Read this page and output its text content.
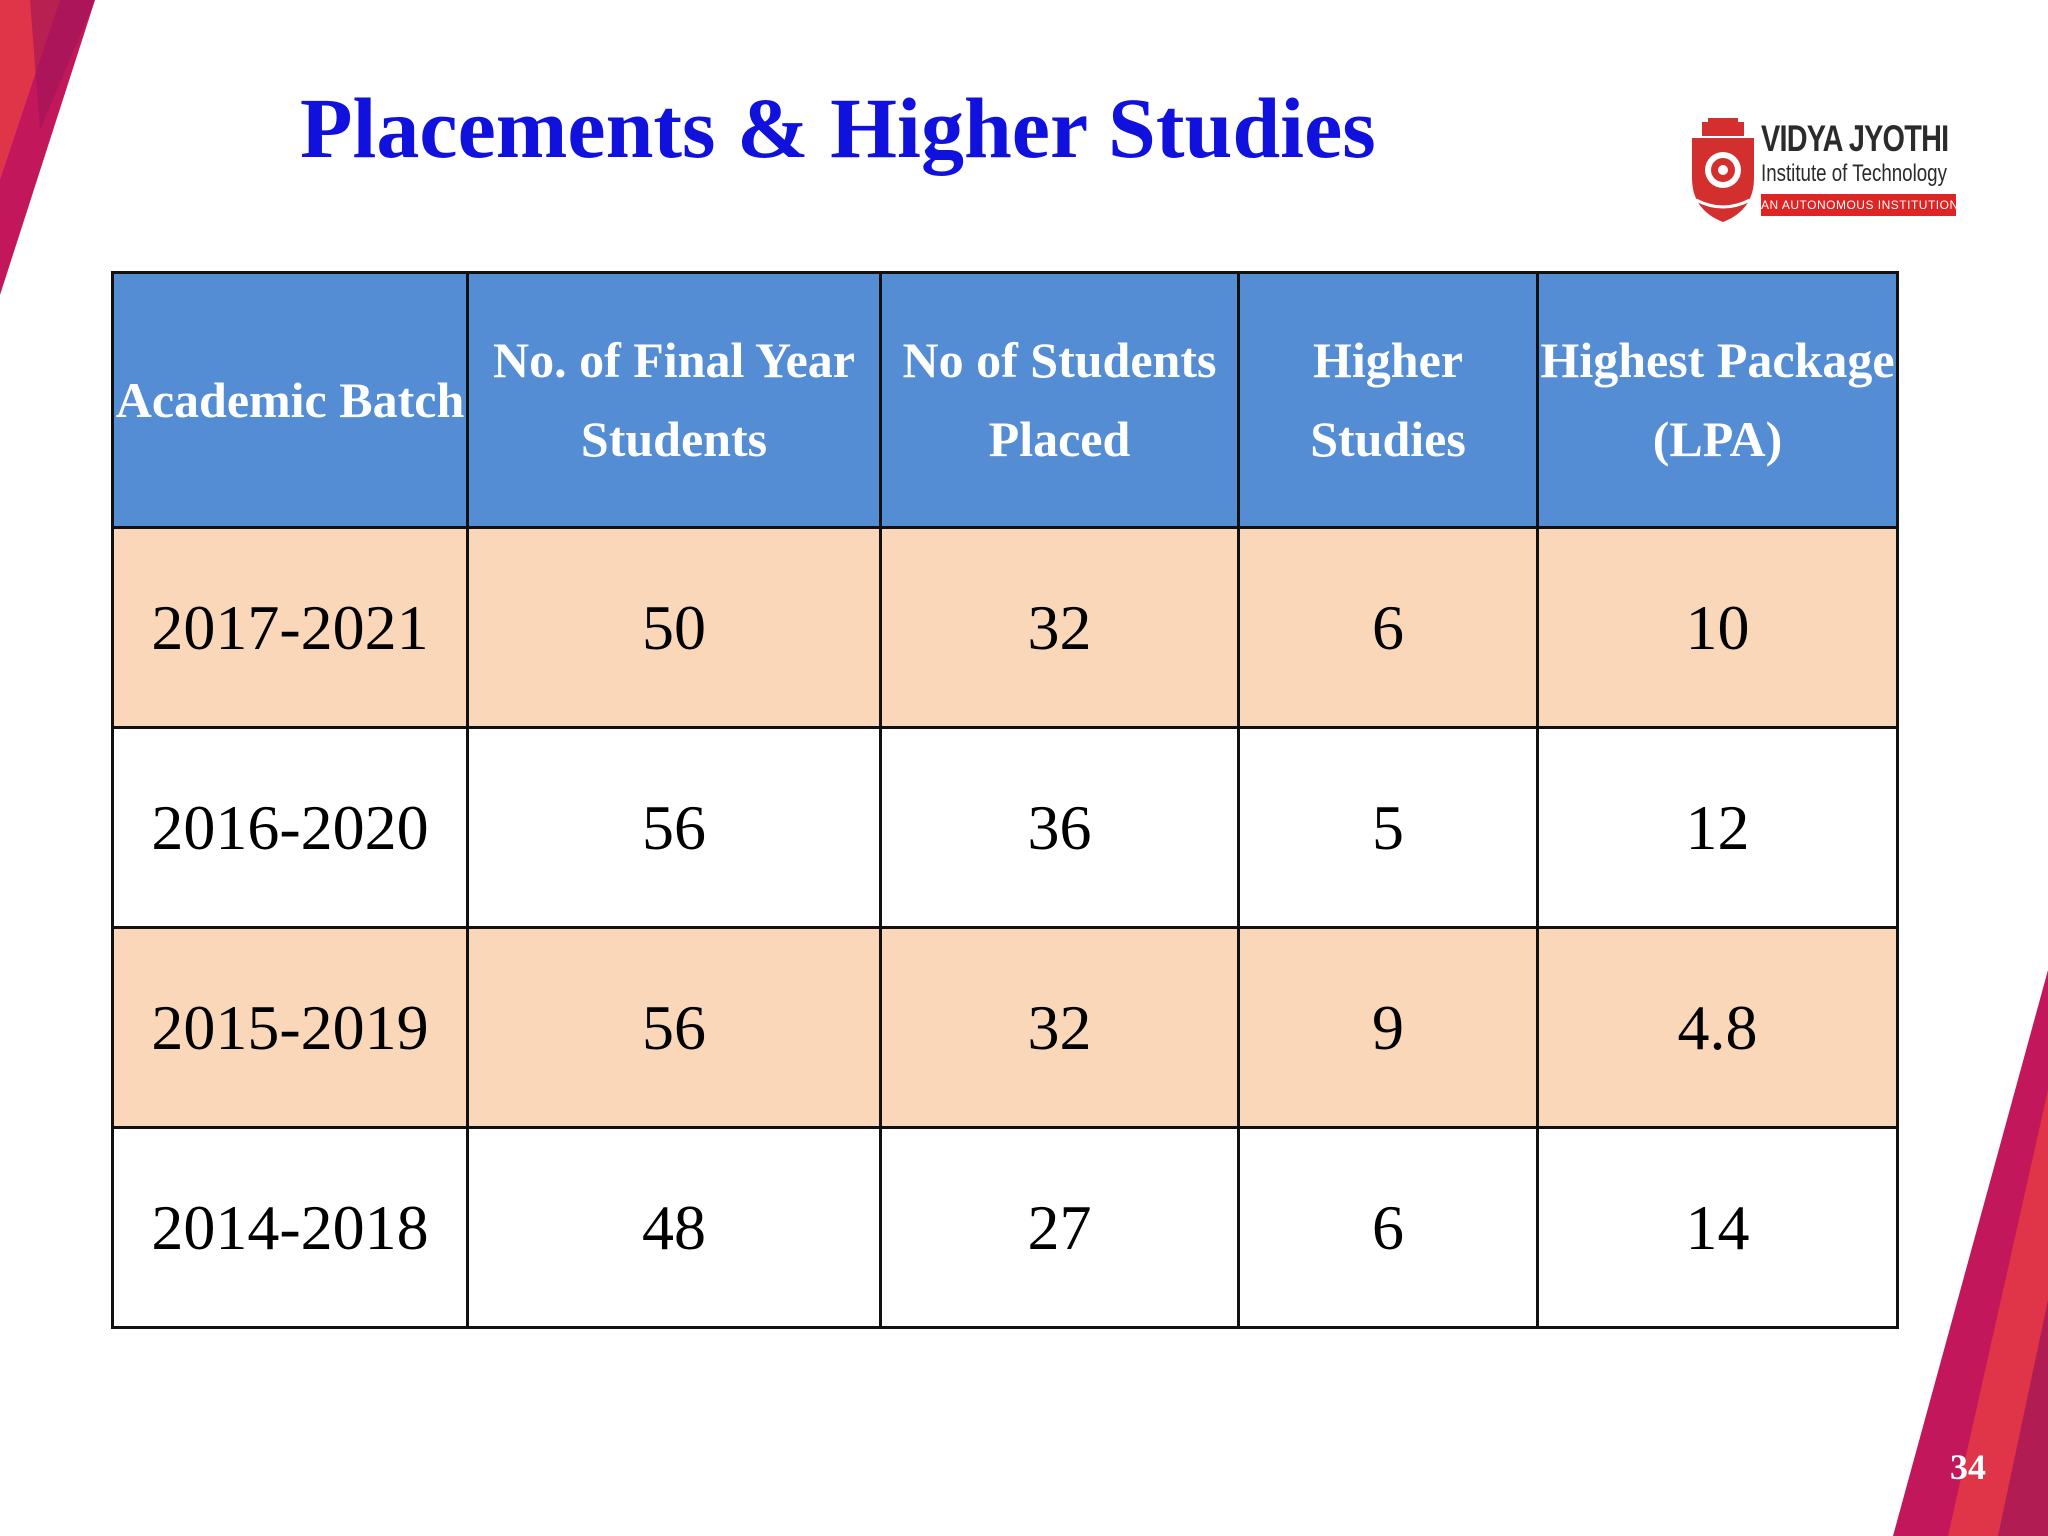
Placements & Higher Studies	VIDYA JYOTHI
Institute of Technology
AN AUTONOMOUS INSTITUTION
Academic Batch	No. of Final Year Students	No of Students Placed	Higher Studies	Highest Package (LPA)
2017-2021	50	32	6	10
2016-2020	56	36	5	12
2015-2019	56	32	9	4.8
2014-2018	48	27	6	14
34
